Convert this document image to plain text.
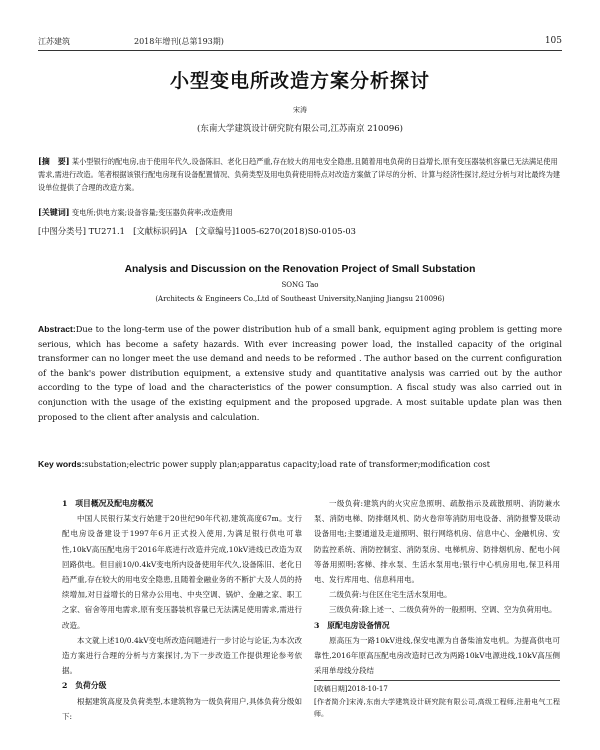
江苏建筑	2018年增刊(总第193期)	105
小型变电所改造方案分析探讨
宋涛
(东南大学建筑设计研究院有限公司,江苏南京 210096)
[摘　要] 某小型银行的配电房,由于使用年代久,设备陈旧、老化日趋严重,存在较大的用电安全隐患,且随着用电负荷的日益增长,原有变压器装机容量已无法满足使用需求,需进行改造。笔者根据该银行配电房现有设备配置情况、负荷类型及用电负荷使用特点对改造方案做了详尽的分析、计算与经济性探讨,经过分析与对比最终为建设单位提供了合理的改造方案。
[关键词] 变电所;供电方案;设备容量;变压器负荷率;改造费用
[中图分类号] TU271.1　[文献标识码]A　[文章编号]1005-6270(2018)S0-0105-03
Analysis and Discussion on the Renovation Project of Small Substation
SONG Tao
(Architects & Engineers Co.,Ltd of Southeast University,Nanjing Jiangsu 210096)
Abstract:Due to the long-term use of the power distribution hub of a small bank, equipment aging problem is getting more serious, which has become a safety hazards. With ever increasing power load, the installed capacity of the original transformer can no longer meet the use demand and needs to be reformed . The author based on the current configuration of the bank's power distribution equipment, a extensive study and quantitative analysis was carried out by the author according to the type of load and the characteristics of the power consumption. A fiscal study was also carried out in conjunction with the usage of the existing equipment and the proposed upgrade. A most suitable update plan was then proposed to the client after analysis and calculation.
Key words:substation;electric power supply plan;apparatus capacity;load rate of transformer;modification cost
1　项目概况及配电房概况

中国人民银行某支行始建于20世纪90年代初,建筑高度67m。支行配电房设备建设于1997年6月正式投入使用,为满足银行供电可靠性,10kV高压配电房于2016年底进行改造并完成,10kV进线已改造为双回路供电。但目前10/0.4kV变电所内设备使用年代久,设备陈旧、老化日趋严重,存在较大的用电安全隐患,且随着金融业务的不断扩大及人员的持续增加,对日益增长的日常办公用电、中央空调、锅炉、金融之家、职工之家、宿舍等用电需求,原有变压器装机容量已无法满足使用需求,需进行改造。

本文就上述10/0.4kV变电所改造问题进行一步讨论与论证,为本次改造方案进行合理的分析与方案探讨,为下一步改造工作提供理论参考依据。

2　负荷分级

根据建筑高度及负荷类型,本建筑物为一级负荷用户,具体负荷分级如下:

一级负荷:建筑内的火灾应急照明、疏散指示及疏散照明、消防兼水泵、消防电梯、防排烟风机、防火卷帘等消防用电设备、消防报警及联动设备用电;主要通道及走道照明、银行网络机房、信息中心、金融机房、安防监控系统、消防控制室、消防泵房、电梯机房、防排烟机房、配电小间等备用照明;客梯、排水泵、生活水泵用电;银行中心机房用电,保卫科用电、发行库用电、信息科用电。

二级负荷:与住区住宅生活水泵用电。

三级负荷:除上述一、二级负荷外的一般照明、空调、空为负荷用电。

3　原配电房设备情况

原高压为一路10kV进线,保安电源为自备柴油发电机。为提高供电可靠性,2016年原高压配电房改造时已改为两路10kV电源进线,10kV高压侧采用单母线分段结

[收稿日期]2018-10-17
[作者简介]宋涛,东南大学建筑设计研究院有限公司,高级工程师,注册电气工程师。
